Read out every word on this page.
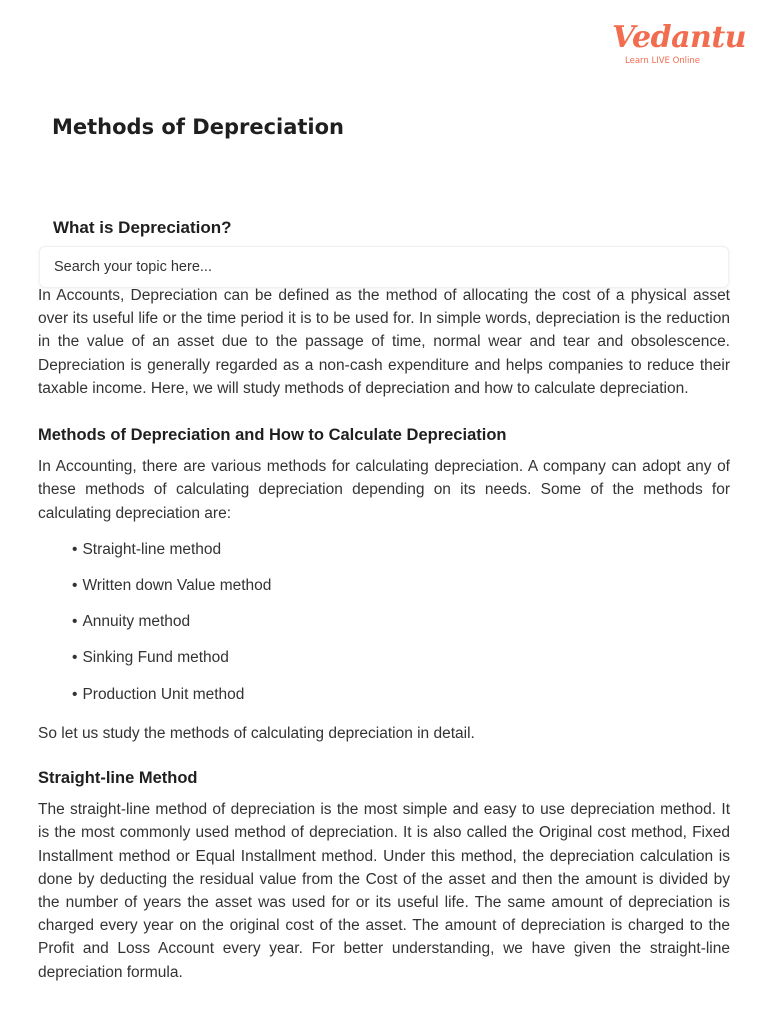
Vedantu
Learn LIVE Online
Methods of Depreciation
What is Depreciation?
Search your topic here...

In Accounts, Depreciation can be defined as the method of allocating the cost of a physical asset over its useful life or the time period it is to be used for. In simple words, depreciation is the reduction in the value of an asset due to the passage of time, normal wear and tear and obsolescence. Depreciation is generally regarded as a non-cash expenditure and helps companies to reduce their taxable income. Here, we will study methods of depreciation and how to calculate depreciation.

Methods of Depreciation and How to Calculate Depreciation

In Accounting, there are various methods for calculating depreciation. A company can adopt any of these methods of calculating depreciation depending on its needs. Some of the methods for calculating depreciation are:

• Straight-line method
• Written down Value method
• Annuity method
• Sinking Fund method
• Production Unit method

So let us study the methods of calculating depreciation in detail.

Straight-line Method

The straight-line method of depreciation is the most simple and easy to use depreciation method. It is the most commonly used method of depreciation. It is also called the Original cost method, Fixed Installment method or Equal Installment method. Under this method, the depreciation calculation is done by deducting the residual value from the Cost of the asset and then the amount is divided by the number of years the asset was used for or its useful life. The same amount of depreciation is charged every year on the original cost of the asset. The amount of depreciation is charged to the Profit and Loss Account every year. For better understanding, we have given the straight-line depreciation formula.
